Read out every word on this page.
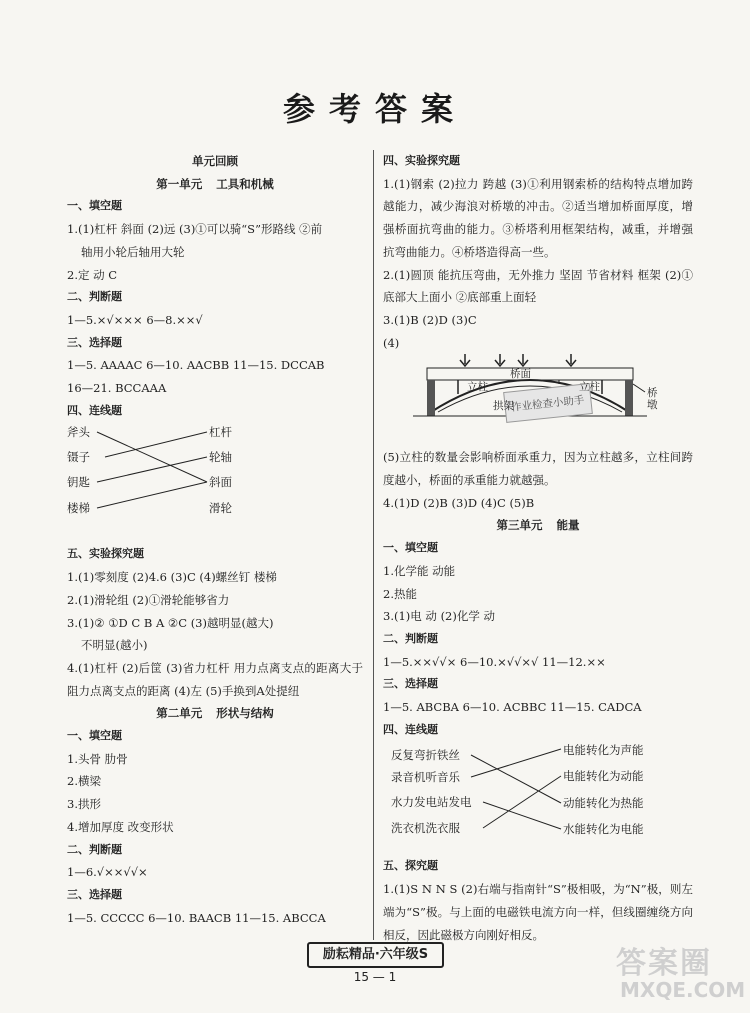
参考答案
单元回顾
第一单元 工具和机械
一、填空题
1.(1)杠杆 斜面 (2)远 (3)①可以骑“S”形路线 ②前
轴用小轮后轴用大轮
2.定 动 C
二、判断题
1—5.×√××× 6—8.××√
三、选择题
1—5. AAAAC 6—10. AACBB 11—15. DCCAB
16—21. BCCAAA
四、连线题
斧头
镊子
钥匙
楼梯
杠杆
轮轴
斜面
滑轮
五、实验探究题
1.(1)零刻度 (2)4.6 (3)C (4)螺丝钉 楼梯
2.(1)滑轮组 (2)①滑轮能够省力
3.(1)② ①D C B A ②C (3)越明显(越大)
不明显(越小)
4.(1)杠杆 (2)后筐 (3)省力杠杆 用力点离支点的距离大于阻力点离支点的距离 (4)左 (5)手换到A处提纽
第二单元 形状与结构
一、填空题
1.头骨 肋骨
2.横梁
3.拱形
4.增加厚度 改变形状
二、判断题
1—6.√××√√×
三、选择题
1—5. CCCCC 6—10. BAACB 11—15. ABCCA
四、实验探究题
1.(1)钢索 (2)拉力 跨越 (3)①利用钢索桥的结构特点增加跨越能力，减少海浪对桥墩的冲击。②适当增加桥面厚度，增强桥面抗弯曲的能力。③桥塔利用框架结构，减重，并增强抗弯曲能力。④桥塔造得高一些。
2.(1)圆顶 能抗压弯曲，无外推力 坚固 节省材料 框架 (2)①底部大上面小 ②底部重上面轻
3.(1)B (2)D (3)C
(4)
立柱
桥面
立柱
拱架
桥墩
作业检查小助手
(5)立柱的数量会影响桥面承重力，因为立柱越多，立柱间跨度越小，桥面的承重能力就越强。
4.(1)D (2)B (3)D (4)C (5)B
第三单元 能量
一、填空题
1.化学能 动能
2.热能
3.(1)电 动 (2)化学 动
二、判断题
1—5.××√√× 6—10.×√√×√ 11—12.××
三、选择题
1—5. ABCBA 6—10. ACBBC 11—15. CADCA
四、连线题
反复弯折铁丝
录音机听音乐
水力发电站发电
洗衣机洗衣服
电能转化为声能
电能转化为动能
动能转化为热能
水能转化为电能
五、探究题
1.(1)S N N S (2)右端与指南针“S”极相吸，为“N”极，则左端为“S”极。与上面的电磁铁电流方向一样，但线圈缠绕方向相反，因此磁极方向刚好相反。
励耘精品·六年级S
15 — 1	答案圈
MXQE.COM
